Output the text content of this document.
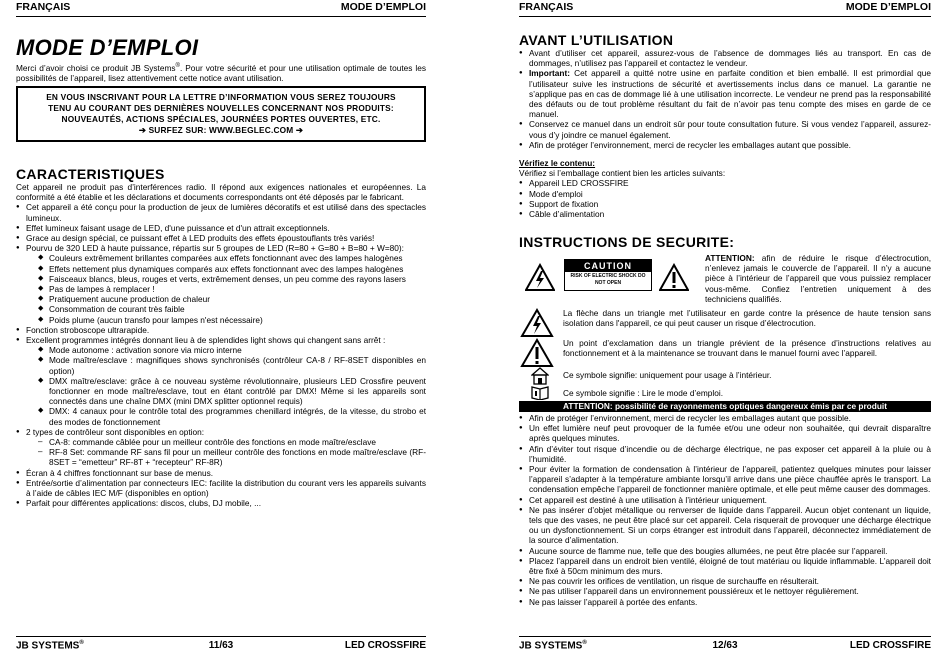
FRANÇAIS	MODE D’EMPLOI
MODE D’EMPLOI

Merci d’avoir choisi ce produit JB Systems®. Pour votre sécurité et pour une utilisation optimale de toutes les possibilités de l’appareil, lisez attentivement cette notice avant utilisation.

EN VOUS INSCRIVANT POUR LA LETTRE D’INFORMATION VOUS SEREZ TOUJOURS
TENU AU COURANT DES DERNIÈRES NOUVELLES CONCERNANT NOS PRODUITS:
NOUVEAUTÉS, ACTIONS SPÉCIALES, JOURNÉES PORTES OUVERTES, ETC.
➔ SURFEZ SUR: WWW.BEGLEC.COM ➔
CARACTERISTIQUES

Cet appareil ne produit pas d’interférences radio. Il répond aux exigences nationales et européennes. La conformité a été établie et les déclarations et documents correspondants ont été déposés par le fabricant.

● Cet appareil a été conçu pour la production de jeux de lumières décoratifs et est utilisé dans des spectacles lumineux.
● Effet lumineux faisant usage de LED, d'une puissance et d'un attrait exceptionnels.
● Grace au design spécial, ce puissant effet à LED produits des effets époustouflants très variés!
● Pourvu de 320 LED à haute puissance, répartis sur 5 groupes de LED (R=80 + G=80 + B=80 + W=80):
◆ Couleurs extrêmement brillantes comparées aux effets fonctionnant avec des lampes halogènes
◆ Effets nettement plus dynamiques comparés aux effets fonctionnant avec des lampes halogènes
◆ Faisceaux blancs, bleus, rouges et verts, extrêmement denses, un peu comme des rayons lasers
◆ Pas de lampes à remplacer !
◆ Pratiquement aucune production de chaleur
◆ Consommation de courant très faible
◆ Poids plume (aucun transfo pour lampes n'est nécessaire)
● Fonction stroboscope ultrarapide.
● Excellent programmes intégrés donnant lieu à de splendides light shows qui changent sans arrêt :
◆ Mode autonome : activation sonore via micro interne
◆ Mode maître/esclave : magnifiques shows synchronisés (contrôleur CA-8 / RF-8SET disponibles en option)
◆ DMX maître/esclave: grâce à ce nouveau système révolutionnaire, plusieurs LED Crossfire peuvent fonctionner en mode maître/esclave, tout en étant contrôlé par DMX! Même si les appareils sont connectés dans une chaîne DMX (mini DMX splitter optionnel requis)
◆ DMX: 4 canaux pour le contrôle total des programmes chenillard intégrés, de la vitesse, du strobo et des modes de fonctionnement
● 2 types de contrôleur sont disponibles en option:
– CA-8: commande câblée pour un meilleur contrôle des fonctions en mode maître/esclave
– RF-8 Set: commande RF sans fil pour un meilleur contrôle des fonctions en mode maître/esclave (RF-8SET = “emetteur” RF-8T + “recepteur” RF-8R)
● Écran à 4 chiffres fonctionnant sur base de menus.
● Entrée/sortie d’alimentation par connecteurs IEC: facilite la distribution du courant vers les appareils suivants à l’aide de câbles IEC M/F (disponibles en option)
● Parfait pour différentes applications: discos, clubs, DJ mobile, ...
JB SYSTEMS®	11/63	LED CROSSFIRE
FRANÇAIS	MODE D’EMPLOI
AVANT L’UTILISATION
● Avant d’utiliser cet appareil, assurez-vous de l’absence de dommages liés au transport. En cas de dommages, n’utilisez pas l’appareil et contactez le vendeur.
● Important: Cet appareil a quitté notre usine en parfaite condition et bien emballé. Il est primordial que l’utilisateur suive les instructions de sécurité et avertissements inclus dans ce manuel. La garantie ne s’applique pas en cas de dommage lié à une utilisation incorrecte. Le vendeur ne prend pas la responsabilité des défauts ou de tout problème résultant du fait de n’avoir pas tenu compte des mises en garde de ce manuel.
● Conservez ce manuel dans un endroit sûr pour toute consultation future. Si vous vendez l’appareil, assurez-vous d’y joindre ce manuel également.
● Afin de protéger l’environnement, merci de recycler les emballages autant que possible.
Vérifiez le contenu:

Vérifiez si l’emballage contient bien les articles suivants:

● Appareil LED CROSSFIRE
● Mode d'emploi
● Support de fixation
● Câble d’alimentation
INSTRUCTIONS DE SECURITE:
CAUTION
RISK OF ELECTRIC SHOCK DO NOT OPEN

ATTENTION: afin de réduire le risque d’électrocution, n’enlevez jamais le couvercle de l’appareil. Il n’y a aucune pièce à l’intérieur de l’appareil que vous puissiez remplacer vous-même. Confiez l’entretien uniquement à des techniciens qualifiés.

La flèche dans un triangle met l’utilisateur en garde contre la présence de haute tension sans isolation dans l'appareil, ce qui peut causer un risque d’électrocution.

Un point d’exclamation dans un triangle prévient de la présence d’instructions relatives au fonctionnement et à la maintenance se trouvant dans le manuel fourni avec l’appareil.

Ce symbole signifie: uniquement pour usage à l’intérieur.

Ce symbole signifie : Lire le mode d’emploi.

ATTENTION: possibilité de rayonnements optiques dangereux émis par ce produit
● Afin de protéger l’environnement, merci de recycler les emballages autant que possible.
● Un effet lumière neuf peut provoquer de la fumée et/ou une odeur non souhaitée, qui devrait disparaître après quelques minutes.
● Afin d’éviter tout risque d’incendie ou de décharge électrique, ne pas exposer cet appareil à la pluie ou à l’humidité.
● Pour éviter la formation de condensation à l’intérieur de l’appareil, patientez quelques minutes pour laisser l’appareil s’adapter à la température ambiante lorsqu’il arrive dans une pièce chauffée après le transport. La condensation empêche l’appareil de fonctionner manière optimale, et elle peut même causer des dommages.
● Cet appareil est destiné à une utilisation à l’intérieur uniquement.
● Ne pas insérer d’objet métallique ou renverser de liquide dans l’appareil. Aucun objet contenant un liquide, tels que des vases, ne peut être placé sur cet appareil. Cela risquerait de provoquer une décharge électrique ou un dysfonctionnement. Si un corps étranger est introduit dans l’appareil, déconnectez immédiatement de la source d’alimentation.
● Aucune source de flamme nue, telle que des bougies allumées, ne peut être placée sur l’appareil.
● Placez l’appareil dans un endroit bien ventilé, éloigné de tout matériau ou liquide inflammable. L’appareil doit être fixé à 50cm minimum des murs.
● Ne pas couvrir les orifices de ventilation, un risque de surchauffe en résulterait.
● Ne pas utiliser l’appareil dans un environnement poussiéreux et le nettoyer régulièrement.
● Ne pas laisser l’appareil à portée des enfants.
JB SYSTEMS®	12/63	LED CROSSFIRE
